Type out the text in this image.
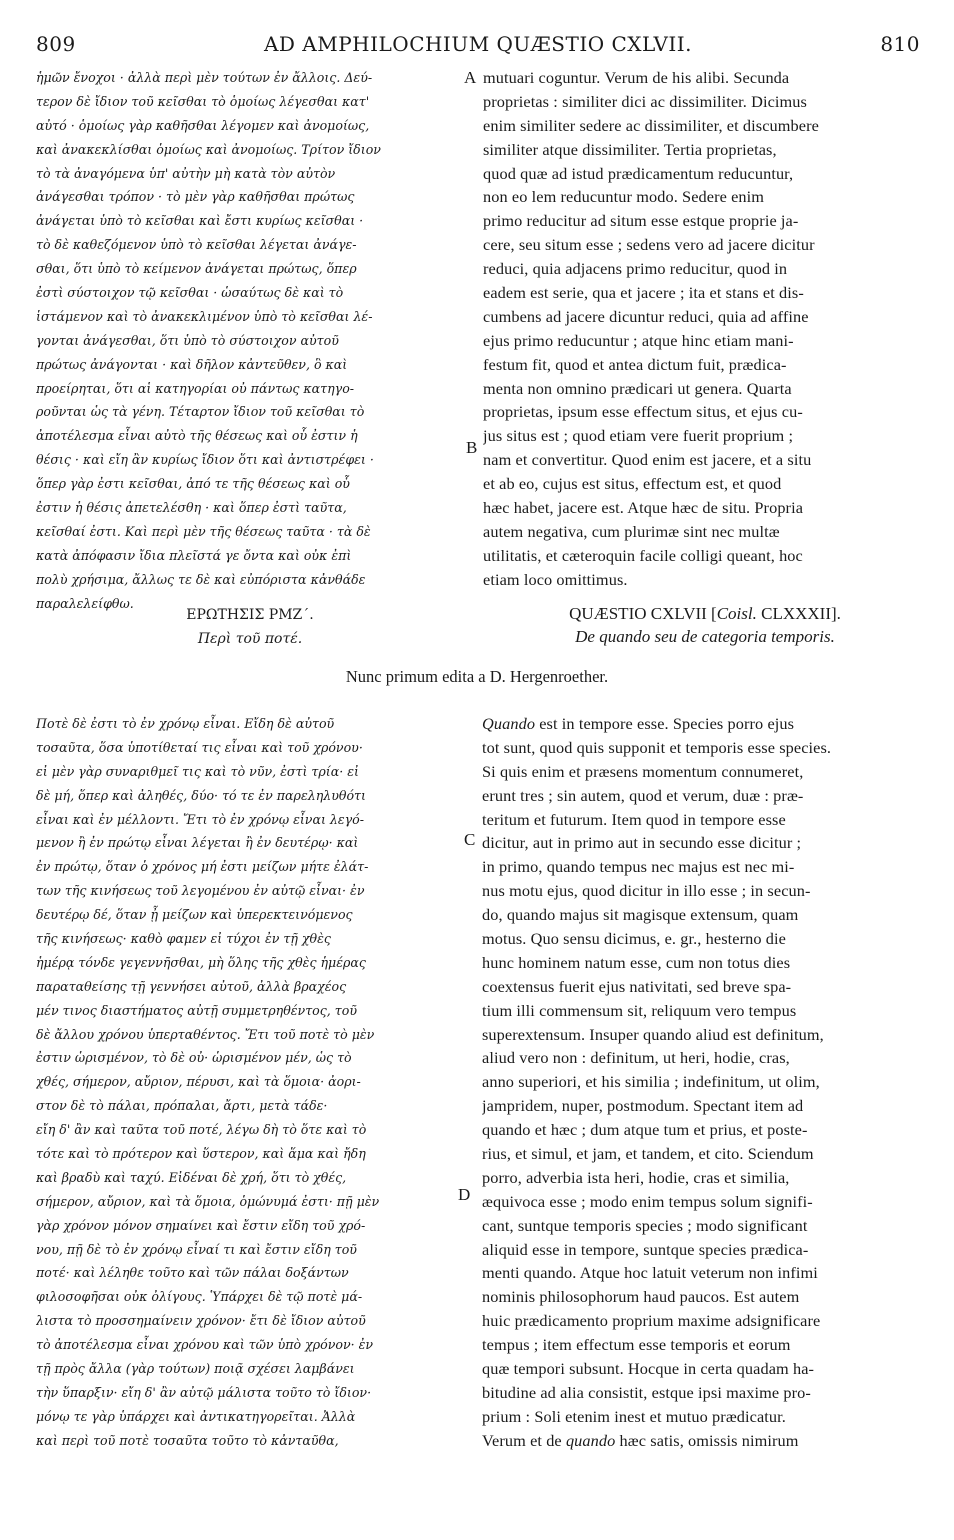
809	AD AMPHILOCHIUM QUÆSTIO CXLVII.	810
ἡμῶν ἔνοχοι · ἀλλὰ περὶ μὲν τούτων ἐν ἄλλοις. Δεύ-
τερον δὲ ἴδιον τοῦ κεῖσθαι τὸ ὁμοίως λέγεσθαι κατ'
αὐτό · ὁμοίως γὰρ καθῆσθαι λέγομεν καὶ ἀνομοίως,
καὶ ἀνακεκλίσθαι ὁμοίως καὶ ἀνομοίως. Τρίτον ἴδιον
τὸ τὰ ἀναγόμενα ὑπ' αὐτὴν μὴ κατὰ τὸν αὐτὸν
ἀνάγεσθαι τρόπον · τὸ μὲν γὰρ καθῆσθαι πρώτως
ἀνάγεται ὑπὸ τὸ κεῖσθαι καὶ ἔστι κυρίως κεῖσθαι ·
τὸ δὲ καθεζόμενον ὑπὸ τὸ κεῖσθαι λέγεται ἀνάγε-
σθαι, ὅτι ὑπὸ τὸ κείμενον ἀνάγεται πρώτως, ὅπερ
ἐστὶ σύστοιχον τῷ κεῖσθαι · ὡσαύτως δὲ καὶ τὸ
ἱστάμενον καὶ τὸ ἀνακεκλιμένον ὑπὸ τὸ κεῖσθαι λέ-
γονται ἀνάγεσθαι, ὅτι ὑπὸ τὸ σύστοιχον αὐτοῦ
πρώτως ἀνάγονται · καὶ δῆλον κἀντεῦθεν, ὃ καὶ
προείρηται, ὅτι αἱ κατηγορίαι οὐ πάντως κατηγο-
ροῦνται ὡς τὰ γένη. Τέταρτον ἴδιον τοῦ κεῖσθαι τὸ
ἀποτέλεσμα εἶναι αὐτὸ τῆς θέσεως καὶ οὗ ἐστιν ἡ
θέσις · καὶ εἴη ἂν κυρίως ἴδιον ὅτι καὶ ἀντιστρέφει ·
ὅπερ γὰρ ἐστι κεῖσθαι, ἀπό τε τῆς θέσεως καὶ οὗ
ἐστιν ἡ θέσις ἀπετελέσθη · καὶ ὅπερ ἐστὶ ταῦτα,
κεῖσθαί ἐστι. Καὶ περὶ μὲν τῆς θέσεως ταῦτα · τὰ δὲ
κατὰ ἀπόφασιν ἴδια πλεῖστά γε ὄντα καὶ οὐκ ἐπὶ
πολὺ χρήσιμα, ἄλλως τε δὲ καὶ εὐπόριστα κἀνθάδε
παραλελείφθω.
mutuari coguntur. Verum de his alibi. Secunda
proprietas : similiter dici ac dissimiliter. Dicimus
enim similiter sedere ac dissimiliter, et discumbere
similiter atque dissimiliter. Tertia proprietas,
quod quæ ad istud prædicamentum reducuntur,
non eo lem reducuntur modo. Sedere enim
primo reducitur ad situm esse estque proprie ja-
cere, seu situm esse ; sedens vero ad jacere dicitur
reduci, quia adjacens primo reducitur, quod in
eadem est serie, qua et jacere ; ita et stans et dis-
cumbens ad jacere dicuntur reduci, quia ad affine
ejus primo reducuntur ; atque hinc etiam mani-
festum fit, quod et antea dictum fuit, prædica-
menta non omnino prædicari ut genera. Quarta
proprietas, ipsum esse effectum situs, et ejus cu-
jus situs est ; quod etiam vere fuerit proprium ;
nam et convertitur. Quod enim est jacere, et a situ
et ab eo, cujus est situs, effectum est, et quod
hæc habet, jacere est. Atque hæc de situ. Propria
autem negativa, cum plurimæ sint nec multæ
utilitatis, et cæteroquin facile colligi queant, hoc
etiam loco omittimus.
A
B
ΕΡΩΤΗΣΙΣ ΡΜΖ΄.
Περὶ τοῦ ποτέ.
QUÆSTIO CXLVII [Coisl. CLXXXII].
De quando seu de categoria temporis.
Nunc primum edita a D. Hergenroether.
Ποτὲ δὲ ἐστι τὸ ἐν χρόνῳ εἶναι. Εἴδη δὲ αὐτοῦ
τοσαῦτα, ὅσα ὑποτίθεταί τις εἶναι καὶ τοῦ χρόνου·
εἰ μὲν γὰρ συναριθμεῖ τις καὶ τὸ νῦν, ἐστὶ τρία· εἰ
δὲ μή, ὅπερ καὶ ἀληθές, δύο· τό τε ἐν παρεληλυθότι
εἶναι καὶ ἐν μέλλοντι. Ἔτι τὸ ἐν χρόνῳ εἶναι λεγό-
μενον ἢ ἐν πρώτῳ εἶναι λέγεται ἢ ἐν δευτέρῳ· καὶ
ἐν πρώτῳ, ὅταν ὁ χρόνος μή ἐστι μείζων μήτε ἐλάτ-
των τῆς κινήσεως τοῦ λεγομένου ἐν αὐτῷ εἶναι· ἐν
δευτέρῳ δέ, ὅταν ᾖ μείζων καὶ ὑπερεκτεινόμενος
τῆς κινήσεως· καθὸ φαμεν εἰ τύχοι ἐν τῇ χθὲς
ἡμέρᾳ τόνδε γεγεννῆσθαι, μὴ ὅλης τῆς χθὲς ἡμέρας
παραταθείσης τῇ γεννήσει αὐτοῦ, ἀλλὰ βραχέος
μέν τινος διαστήματος αὐτῇ συμμετρηθέντος, τοῦ
δὲ ἄλλου χρόνου ὑπερταθέντος. Ἔτι τοῦ ποτὲ τὸ μὲν
ἐστιν ὡρισμένον, τὸ δὲ οὐ· ὡρισμένον μέν, ὡς τὸ
χθές, σήμερον, αὔριον, πέρυσι, καὶ τὰ ὅμοια· ἀορι-
στον δὲ τὸ πάλαι, πρόπαλαι, ἄρτι, μετὰ τάδε·
εἴη δ' ἂν καὶ ταῦτα τοῦ ποτέ, λέγω δὴ τὸ ὅτε καὶ τὸ
τότε καὶ τὸ πρότερον καὶ ὕστερον, καὶ ἅμα καὶ ἤδη
καὶ βραδὺ καὶ ταχύ. Εἰδέναι δὲ χρή, ὅτι τὸ χθές,
σήμερον, αὔριον, καὶ τὰ ὅμοια, ὁμώνυμά ἐστι· πῇ μὲν
γὰρ χρόνον μόνον σημαίνει καὶ ἔστιν εἴδη τοῦ χρό-
νου, πῇ δὲ τὸ ἐν χρόνῳ εἶναί τι καὶ ἔστιν εἴδη τοῦ
ποτέ· καὶ λέληθε τοῦτο καὶ τῶν πάλαι δοξάντων
φιλοσοφῆσαι οὐκ ὀλίγους. Ὑπάρχει δὲ τῷ ποτὲ μά-
λιστα τὸ προσσημαίνειν χρόνον· ἔτι δὲ ἴδιον αὐτοῦ
τὸ ἀποτέλεσμα εἶναι χρόνου καὶ τῶν ὑπὸ χρόνον· ἐν
τῇ πρὸς ἄλλα (γὰρ τούτων) ποιᾷ σχέσει λαμβάνει
τὴν ὕπαρξιν· εἴη δ' ἂν αὐτῷ μάλιστα τοῦτο τὸ ἴδιον·
μόνῳ τε γὰρ ὑπάρχει καὶ ἀντικατηγορεῖται. Ἀλλὰ
καὶ περὶ τοῦ ποτὲ τοσαῦτα τοῦτο τὸ κἀνταῦθα,
Quando est in tempore esse. Species porro ejus
tot sunt, quod quis supponit et temporis esse species.
Si quis enim et præsens momentum connumeret,
erunt tres ; sin autem, quod et verum, duæ : præ-
teritum et futurum. Item quod in tempore esse
dicitur, aut in primo aut in secundo esse dicitur ;
in primo, quando tempus nec majus est nec mi-
nus motu ejus, quod dicitur in illo esse ; in secun-
do, quando majus sit magisque extensum, quam
motus. Quo sensu dicimus, e. gr., hesterno die
hunc hominem natum esse, cum non totus dies
coextensus fuerit ejus nativitati, sed breve spa-
tium illi commensum sit, reliquum vero tempus
superextensum. Insuper quando aliud est definitum,
aliud vero non : definitum, ut heri, hodie, cras,
anno superiori, et his similia ; indefinitum, ut olim,
jampridem, nuper, postmodum. Spectant item ad
quando et hæc ; dum atque tum et prius, et poste-
rius, et simul, et jam, et tandem, et cito. Sciendum
porro, adverbia ista heri, hodie, cras et similia,
æquivoca esse ; modo enim tempus solum signifi-
cant, suntque temporis species ; modo significant
aliquid esse in tempore, suntque species prædica-
menti quando. Atque hoc latuit veterum non infimi
nominis philosophorum haud paucos. Est autem
huic prædicamento proprium maxime adsignificare
tempus ; item effectum esse temporis et eorum
quæ tempori subsunt. Hocque in certa quadam ha-
bitudine ad alia consistit, estque ipsi maxime pro-
prium : Soli etenim inest et mutuo prædicatur.
Verum et de quando hæc satis, omissis nimirum
C
D
